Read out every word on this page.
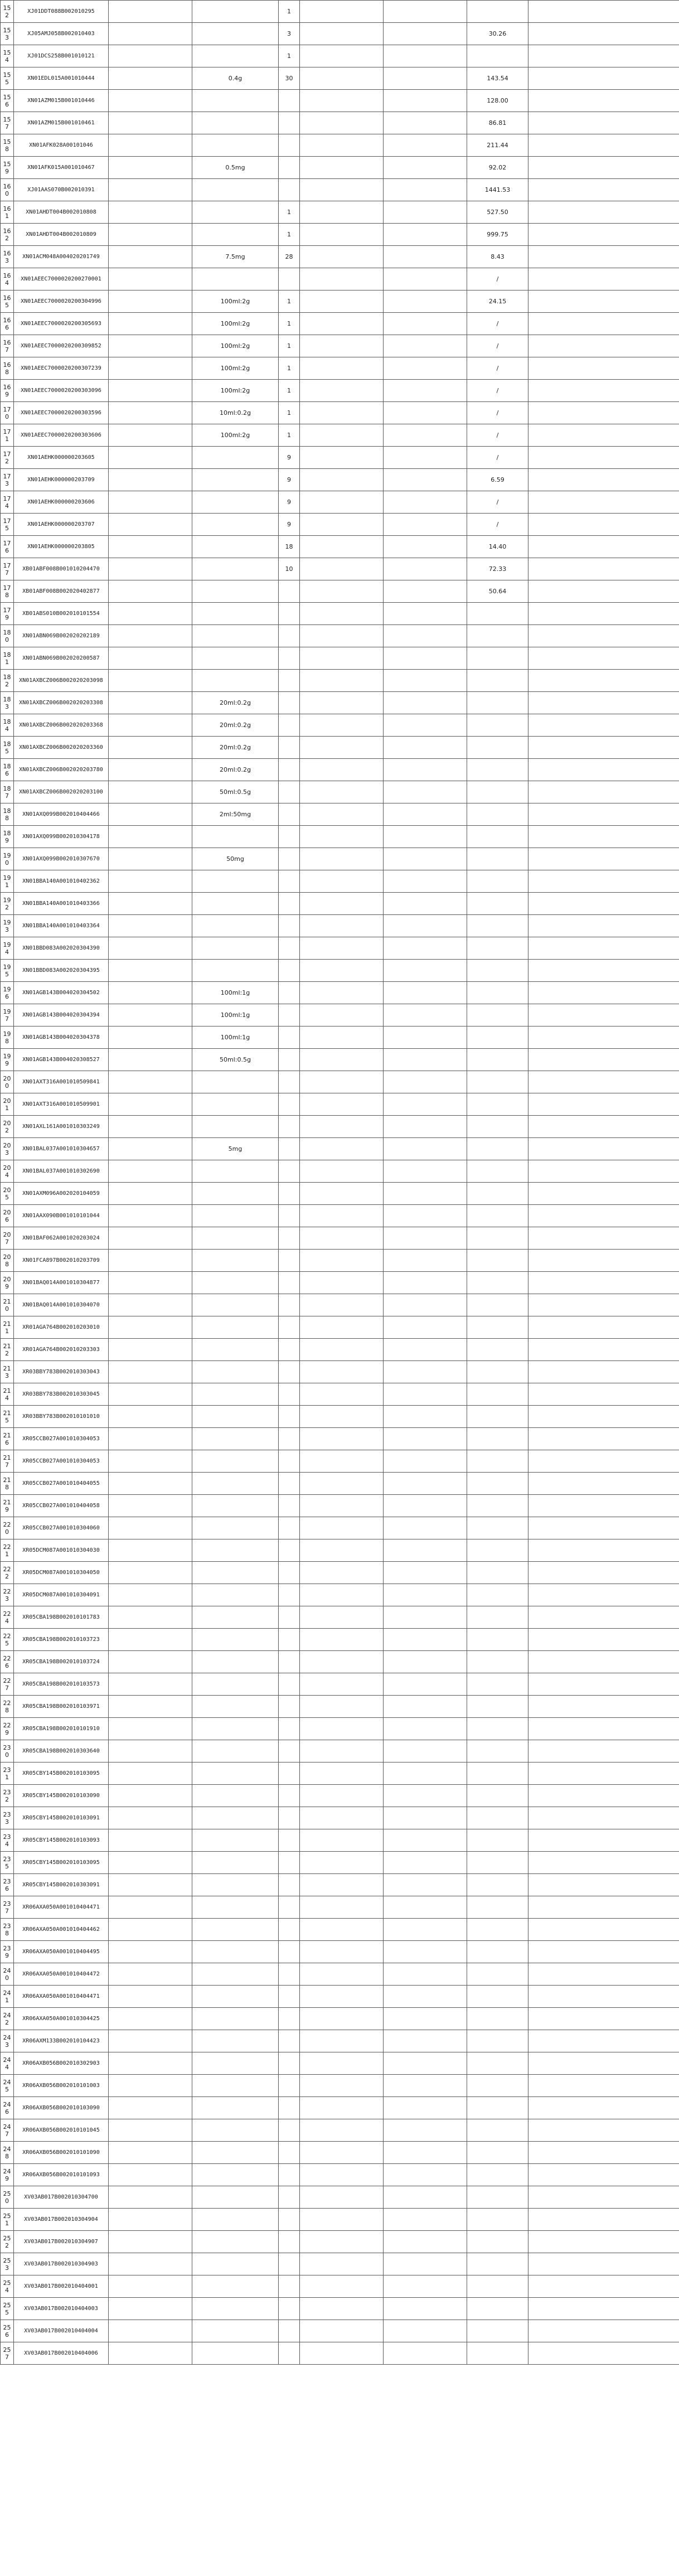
152	XJ01DDT088B002010295			1				
153	XJ05AMJ058B002010403			3			30.26	
154	XJ01DCS258B001010121			1				
155	XN01EDL015A001010444		0.4g	30			143.54	
156	XN01AZM015B001010446						128.00	
157	XN01AZM015B001010461						86.81	
158	XN01AFK028A00101046						211.44	
159	XN01AFK015A001010467		0.5mg				92.02	
160	XJ01AAS070B002010391						1441.53	
161	XN01AHDT004B002010808			1			527.50	
162	XN01AHDT004B002010809			1			999.75	
163	XN01ACM048A004020201749		7.5mg	28			8.43	
164	XN01AEEC7000020200270001						/	
165	XN01AEEC7000020200304996		100ml:2g	1			24.15	
166	XN01AEEC7000020200305693		100ml:2g	1			/	
167	XN01AEEC7000020200309852		100ml:2g	1			/	
168	XN01AEEC7000020200307239		100ml:2g	1			/	
169	XN01AEEC7000020200303096		100ml:2g	1			/	
170	XN01AEEC7000020200303596		10ml:0.2g	1			/	
171	XN01AEEC7000020200303606		100ml:2g	1			/	
172	XN01AEHK000000203605			9			/	
173	XN01AEHK000000203709			9			6.59	
174	XN01AEHK000000203606			9			/	
175	XN01AEHK000000203707			9			/	
176	XN01AEHK000000203805			18			14.40	
177	XB01ABF008B001010204470			10			72.33	
178	XB01ABF008B002020402877						50.64	
179	XB01ABS010B002010101554							
180	XN01ABN069B002020202189							
181	XN01ABN069B002020200587							
182	XN01AXBCZ006B002020203098							
183	XN01AXBCZ006B002020203308		20ml:0.2g					
184	XN01AXBCZ006B002020203368		20ml:0.2g					
185	XN01AXBCZ006B002020203360		20ml:0.2g					
186	XN01AXBCZ006B002020203780		20ml:0.2g					
187	XN01AXBCZ006B002020203100		50ml:0.5g					
188	XN01AXQ099B002010404466		2ml:50mg					
189	XN01AXQ099B002010304178							
190	XN01AXQ099B002010307670		50mg					
191	XN01BBA140A001010402362							
192	XN01BBA140A001010403366							
193	XN01BBA140A001010403364							
194	XN01BBD083A002020304390							
195	XN01BBD083A002020304395							
196	XN01AGB143B004020304502		100ml:1g					
197	XN01AGB143B004020304394		100ml:1g					
198	XN01AGB143B004020304378		100ml:1g					
199	XN01AGB143B004020308527		50ml:0.5g					
200	XN01AXT316A001010509841							
201	XN01AXT316A001010509901							
202	XN01AXL161A001010303249							
203	XN01BAL037A001010304657		5mg					
204	XN01BAL037A001010302690							
205	XN01AXM096A002020104059							
206	XN01AAX090B001010101044							
207	XN01BAF062A001020203024							
208	XN01FCA897B002010203709							
209	XN01BAQ014A001010304877							
210	XN01BAQ014A001010304070							
211	XR01AGA764B002010203010							
212	XR01AGA764B002010203303							
213	XR03BBY783B002010303043							
214	XR03BBY783B002010303045							
215	XR03BBY783B002010101010							
216	XR05CCB027A001010304053							
217	XR05CCB027A001010304053							
218	XR05CCB027A001010404055							
219	XR05CCB027A001010404058							
220	XR05CCB027A001010304060							
221	XR05DCM087A001010304030							
222	XR05DCM087A001010304050							
223	XR05DCM087A001010304091							
224	XR05CBA198B002010101783							
225	XR05CBA198B002010103723							
226	XR05CBA198B002010103724							
227	XR05CBA198B002010103573							
228	XR05CBA198B002010103971							
229	XR05CBA198B002010101910							
230	XR05CBA198B002010303640							
231	XR05CBY145B002010103095							
232	XR05CBY145B002010103090							
233	XR05CBY145B002010103091							
234	XR05CBY145B002010103093							
235	XR05CBY145B002010103095							
236	XR05CBY145B002010303091							
237	XR06AXA050A001010404471							
238	XR06AXA050A001010404462							
239	XR06AXA050A001010404495							
240	XR06AXA050A001010404472							
241	XR06AXA050A001010404471							
242	XR06AXA050A001010304425							
243	XR06AXM133B002010104423							
244	XR06AXB056B002010302903							
245	XR06AXB056B002010101003							
246	XR06AXB056B002010103090							
247	XR06AXB056B002010101045							
248	XR06AXB056B002010101090							
249	XR06AXB056B002010101093							
250	XV03AB017B002010304700							
251	XV03AB017B002010304904							
252	XV03AB017B002010304907							
253	XV03AB017B002010304903							
254	XV03AB017B002010404001							
255	XV03AB017B002010404003							
256	XV03AB017B002010404004							
257	XV03AB017B002010404006							
